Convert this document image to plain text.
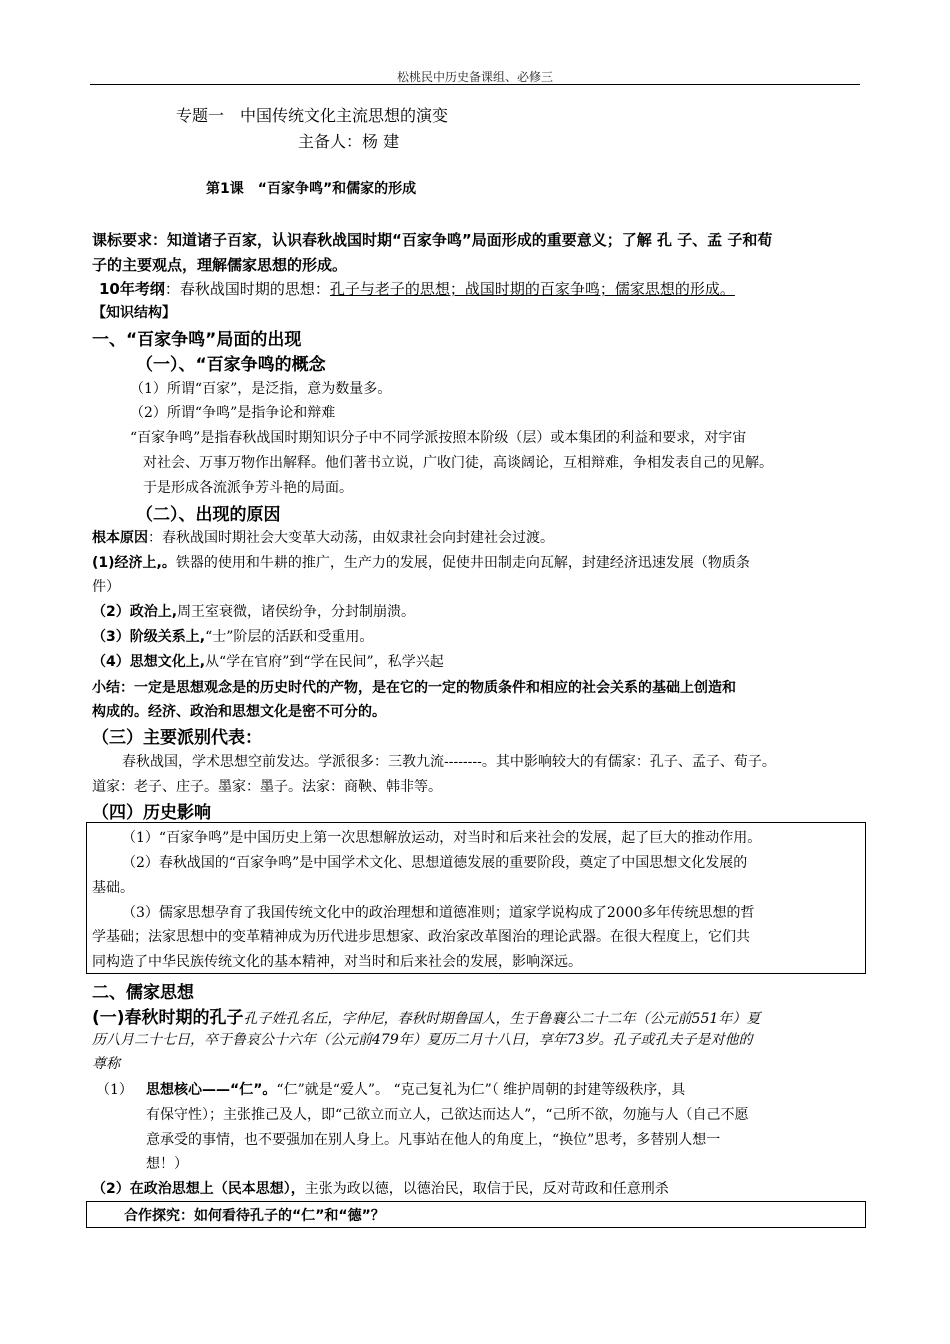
松桃民中历史备课组、必修三
专题一　中国传统文化主流思想的演变
主备人：杨 建
第1课　“百家争鸣”和儒家的形成
课标要求：知道诸子百家，认识春秋战国时期“百家争鸣”局面形成的重要意义；了解 孔 子、孟 子和荀
子的主要观点，理解儒家思想的形成。
10年考纲：春秋战国时期的思想：孔子与老子的思想；战国时期的百家争鸣；儒家思想的形成。
【知识结构】
一、“百家争鸣”局面的出现
（一）、“百家争鸣的概念
（1）所谓“百家”，是泛指，意为数量多。
（2）所谓“争鸣”是指争论和辩难
“百家争鸣”是指春秋战国时期知识分子中不同学派按照本阶级（层）或本集团的利益和要求，对宇宙
对社会、万事万物作出解释。他们著书立说，广收门徒，高谈阔论，互相辩难，争相发表自己的见解。
于是形成各流派争芳斗艳的局面。
（二）、出现的原因
根本原因：春秋战国时期社会大变革大动荡，由奴隶社会向封建社会过渡。
(1)经济上,。铁器的使用和牛耕的推广，生产力的发展，促使井田制走向瓦解，封建经济迅速发展（物质条
件）
（2）政治上,周王室衰微，诸侯纷争，分封制崩溃。
（3）阶级关系上,“士”阶层的活跃和受重用。
（4）思想文化上,从“学在官府”到“学在民间”，私学兴起
小结：一定是思想观念是的历史时代的产物，是在它的一定的物质条件和相应的社会关系的基础上创造和
构成的。经济、政治和思想文化是密不可分的。
（三）主要派别代表：
春秋战国，学术思想空前发达。学派很多：三教九流--------。其中影响较大的有儒家：孔子、孟子、荀子。
道家：老子、庄子。墨家：墨子。法家：商鞅、韩非等。
（四）历史影响
（1）“百家争鸣”是中国历史上第一次思想解放运动，对当时和后来社会的发展，起了巨大的推动作用。
（2）春秋战国的“百家争鸣”是中国学术文化、思想道德发展的重要阶段，奠定了中国思想文化发展的
基础。
（3）儒家思想孕育了我国传统文化中的政治理想和道德准则；道家学说构成了2000多年传统思想的哲
学基础；法家思想中的变革精神成为历代进步思想家、政治家改革图治的理论武器。在很大程度上，它们共
同构造了中华民族传统文化的基本精神，对当时和后来社会的发展，影响深远。
二、儒家思想
(一)春秋时期的孔子孔子姓孔名丘，字仲尼，春秋时期鲁国人，生于鲁襄公二十二年（公元前551年）夏
历八月二十七日，卒于鲁哀公十六年（公元前479年）夏历二月十八日，享年73岁。孔子或孔夫子是对他的
尊称
（1） 思想核心——“仁”。“仁”就是“爱人”。 “克己复礼为仁”（ 维护周朝的封建等级秩序，具
有保守性）；主张推己及人，即“己欲立而立人，己欲达而达人”，“己所不欲，勿施与人（自己不愿
意承受的事情，也不要强加在别人身上。凡事站在他人的角度上，“换位”思考，多替别人想一
想！）
（2）在政治思想上（民本思想），主张为政以德，以德治民，取信于民，反对苛政和任意刑杀
合作探究：如何看待孔子的“仁”和“德”？
